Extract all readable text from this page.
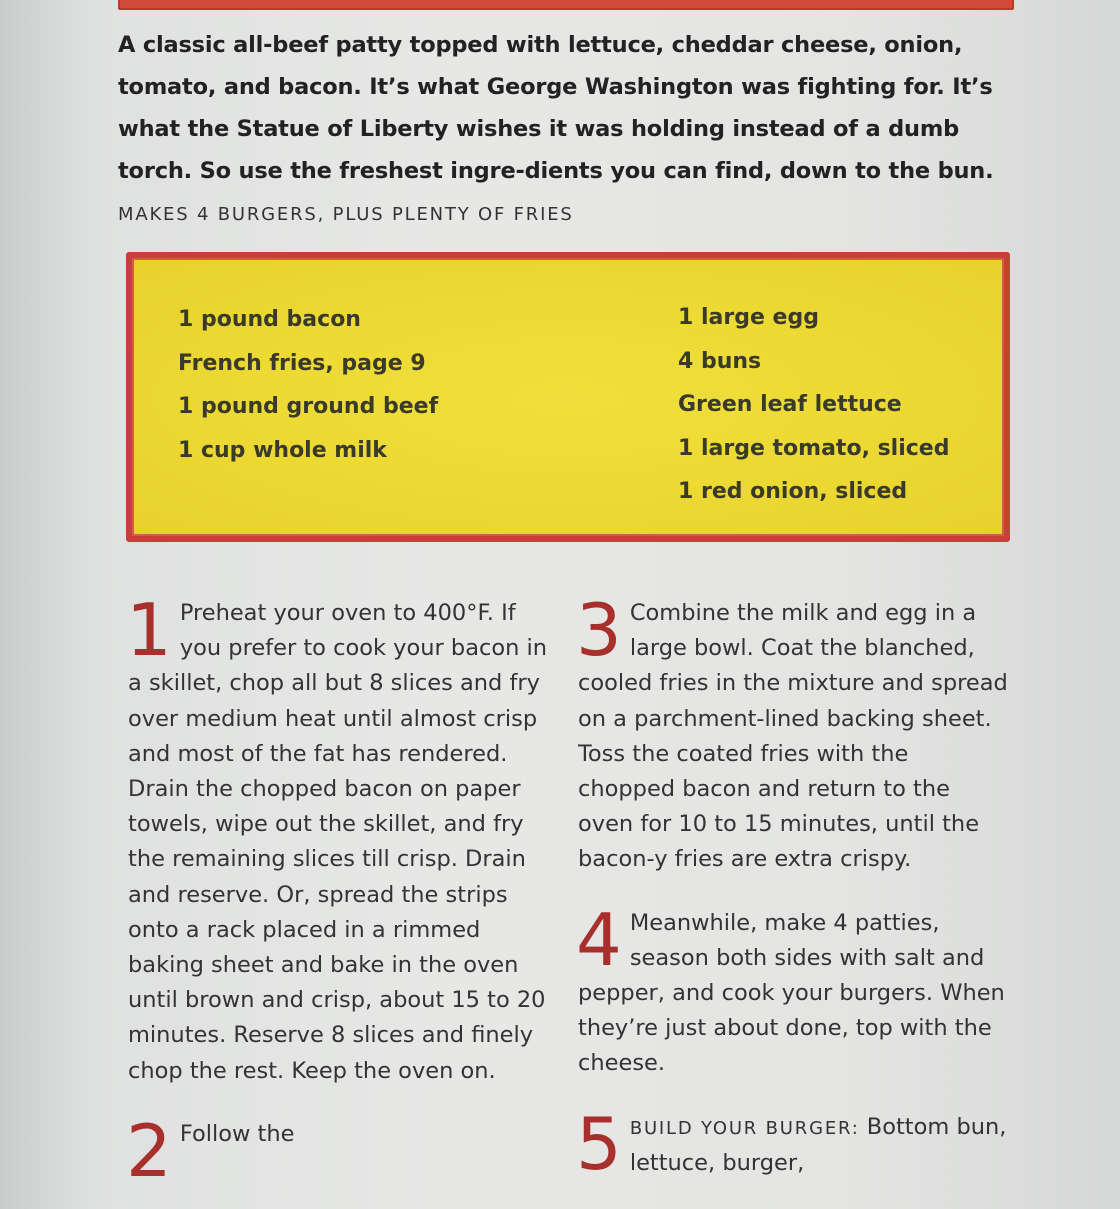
A classic all-beef patty topped with lettuce, cheddar cheese, onion, tomato, and bacon. It’s what George Washington was fighting for. It’s what the Statue of Liberty wishes it was holding instead of a dumb torch. So use the freshest ingre-dients you can find, down to the bun. MAKES 4 BURGERS, PLUS PLENTY OF FRIES
1 pound bacon
French fries, page 9
1 pound ground beef
1 cup whole milk
1 large egg
4 buns
Green leaf lettuce
1 large tomato, sliced
1 red onion, sliced
1 Preheat your oven to 400°F. If you prefer to cook your bacon in a skillet, chop all but 8 slices and fry over medium heat until almost crisp and most of the fat has rendered. Drain the chopped bacon on paper towels, wipe out the skillet, and fry the remaining slices till crisp. Drain and reserve. Or, spread the strips onto a rack placed in a rimmed baking sheet and bake in the oven until brown and crisp, about 15 to 20 minutes. Reserve 8 slices and finely chop the rest. Keep the oven on.
2 Follow the
3 Combine the milk and egg in a large bowl. Coat the blanched, cooled fries in the mixture and spread on a parchment-lined backing sheet. Toss the coated fries with the chopped bacon and return to the oven for 10 to 15 minutes, until the bacon-y fries are extra crispy.
4 Meanwhile, make 4 patties, season both sides with salt and pepper, and cook your burgers. When they’re just about done, top with the cheese.
5 BUILD YOUR BURGER: Bottom bun, lettuce, burger,
